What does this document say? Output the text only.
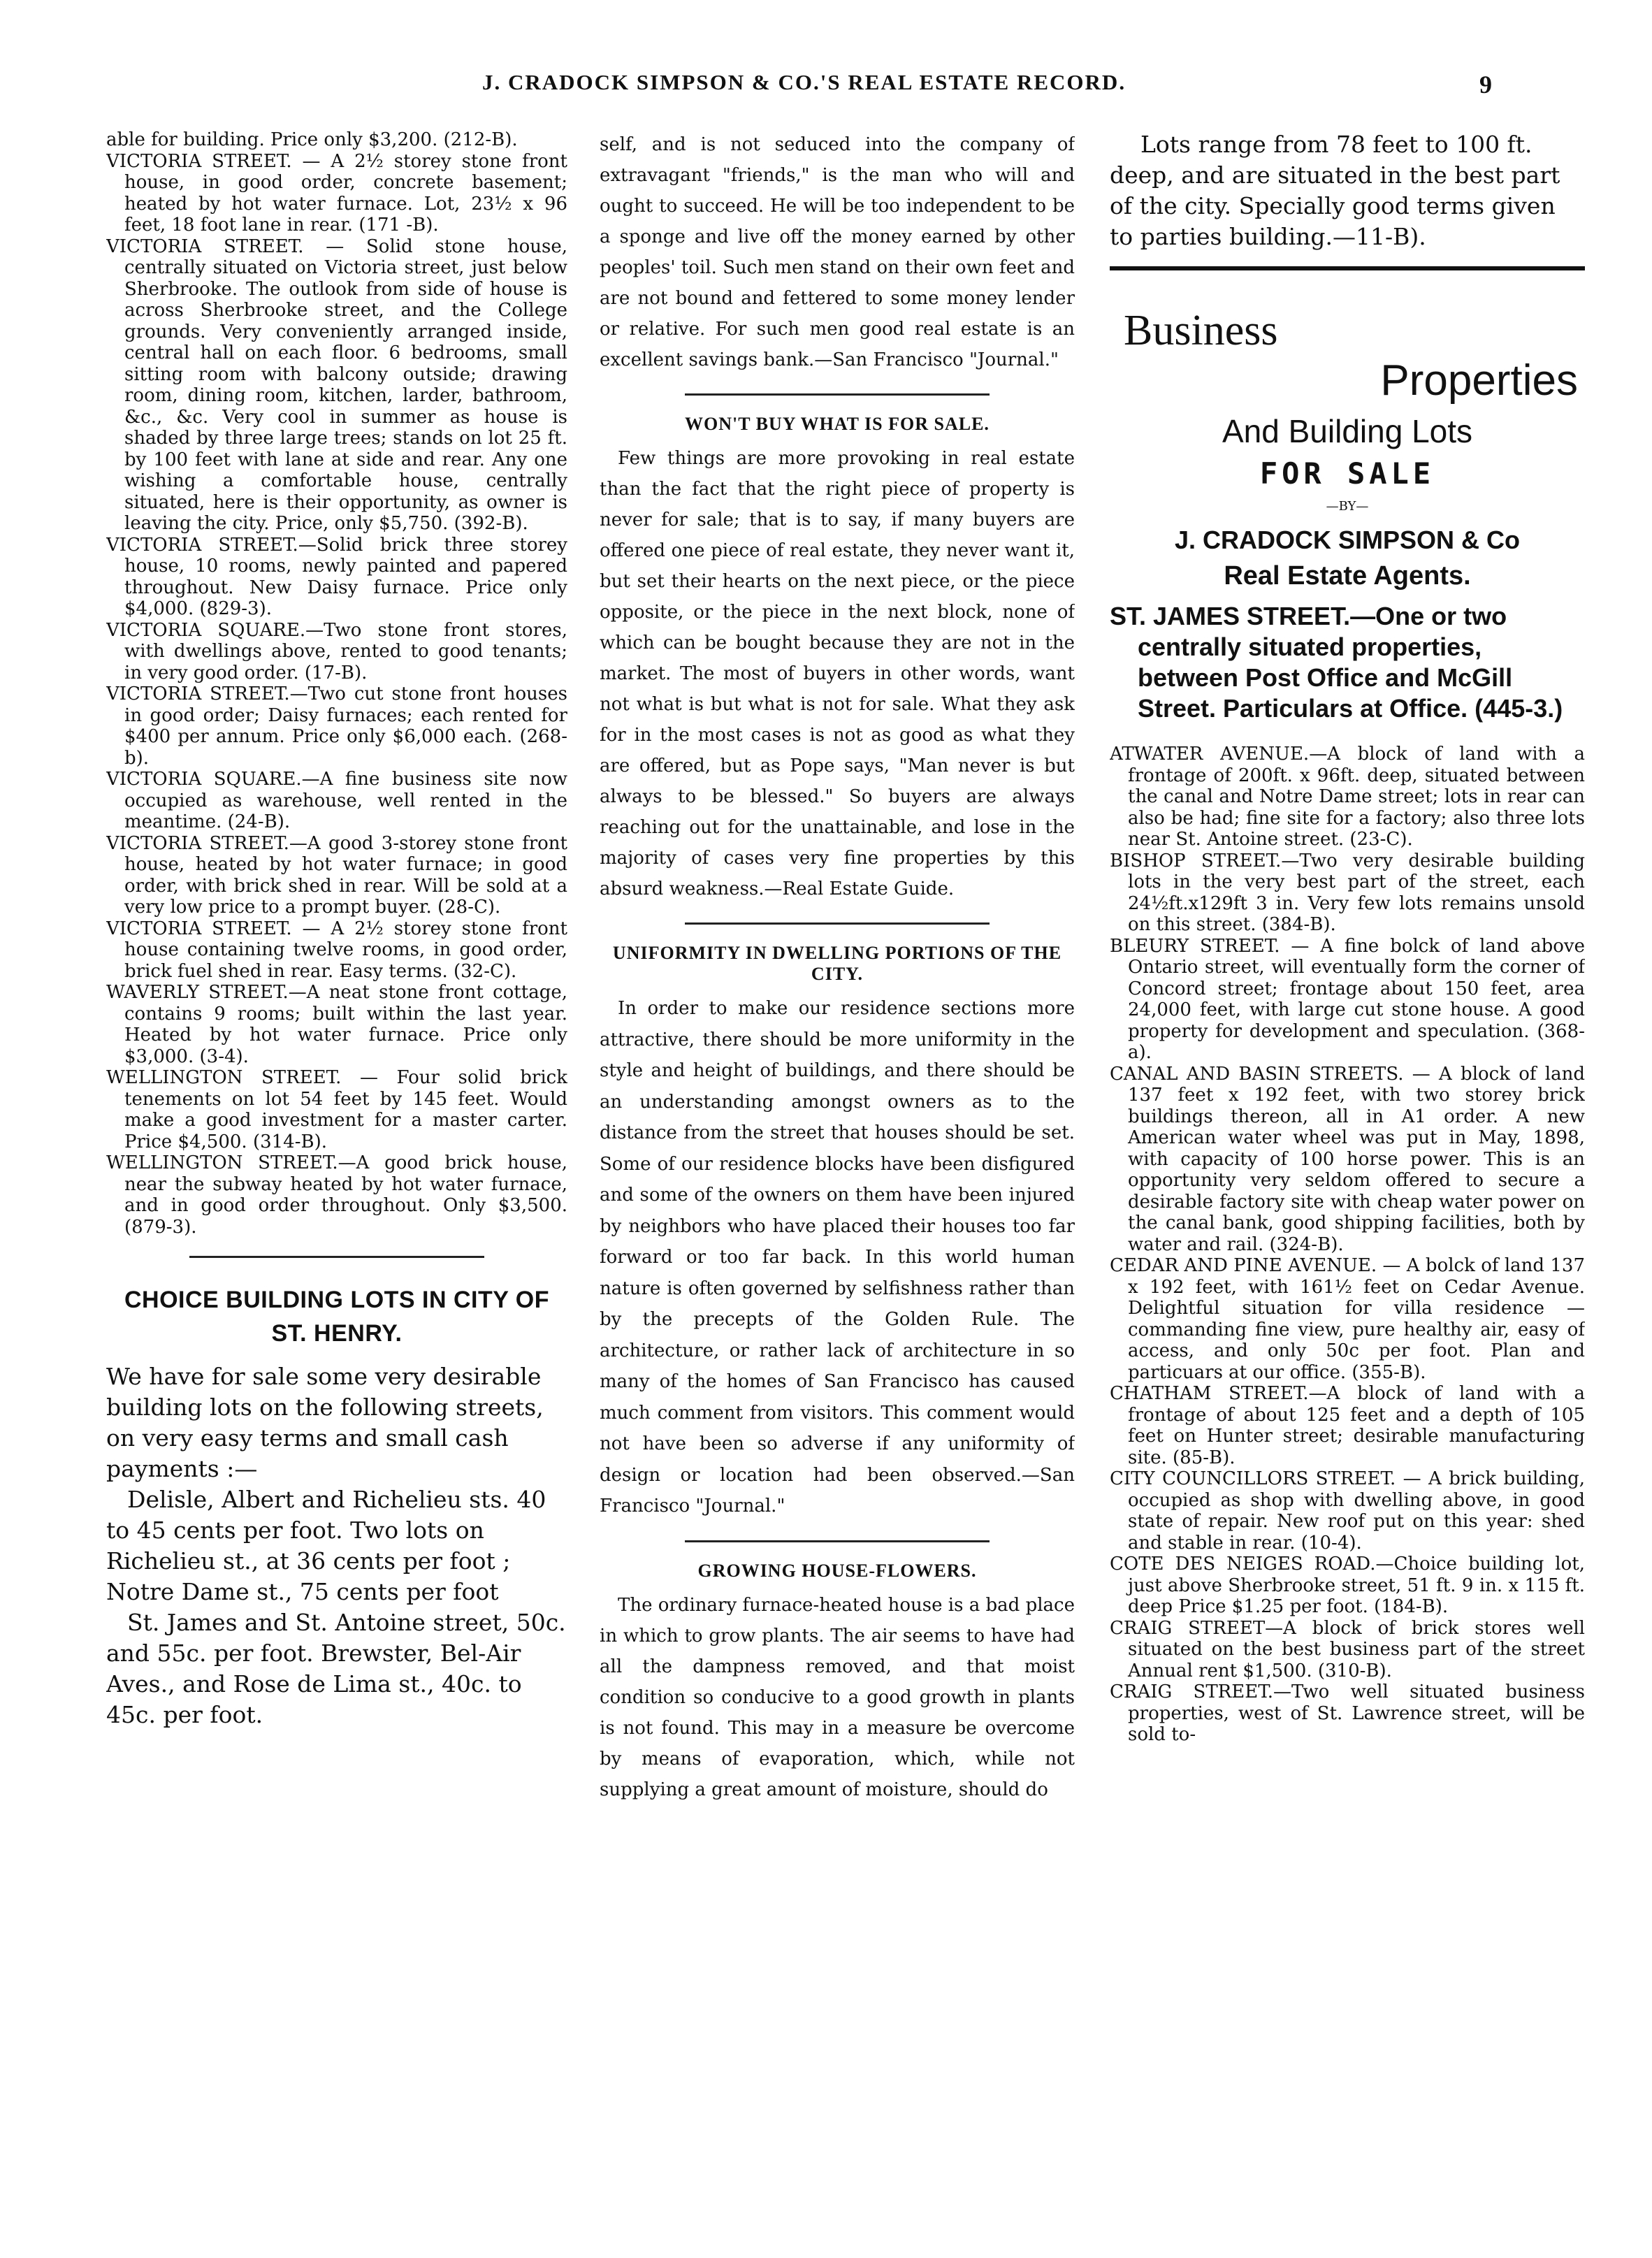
J. CRADOCK SIMPSON & CO.'S REAL ESTATE RECORD.	9

able for building. Price only $3,200. (212-B).

VICTORIA STREET. — A 2½ storey stone front house, in good order, concrete basement; heated by hot water furnace. Lot, 23½ x 96 feet, 18 foot lane in rear. (171 -B).

VICTORIA STREET. — Solid stone house, centrally situated on Victoria street, just below Sherbrooke. The outlook from side of house is across Sherbrooke street, and the College grounds. Very conveniently arranged inside, central hall on each floor. 6 bedrooms, small sitting room with balcony outside; drawing room, dining room, kitchen, larder, bathroom, &c., &c. Very cool in summer as house is shaded by three large trees; stands on lot 25 ft. by 100 feet with lane at side and rear. Any one wishing a comfortable house, centrally situated, here is their opportunity, as owner is leaving the city. Price, only $5,750. (392-B).

VICTORIA STREET.—Solid brick three storey house, 10 rooms, newly painted and papered throughout. New Daisy furnace. Price only $4,000. (829-3).

VICTORIA SQUARE.—Two stone front stores, with dwellings above, rented to good tenants; in very good order. (17-B).

VICTORIA STREET.—Two cut stone front houses in good order; Daisy furnaces; each rented for $400 per annum. Price only $6,000 each. (268-b).

VICTORIA SQUARE.—A fine business site now occupied as warehouse, well rented in the meantime. (24-B).

VICTORIA STREET.—A good 3-storey stone front house, heated by hot water furnace; in good order, with brick shed in rear. Will be sold at a very low price to a prompt buyer. (28-C).

VICTORIA STREET. — A 2½ storey stone front house containing twelve rooms, in good order, brick fuel shed in rear. Easy terms. (32-C).

WAVERLY STREET.—A neat stone front cottage, contains 9 rooms; built within the last year. Heated by hot water furnace. Price only $3,000. (3-4).

WELLINGTON STREET. — Four solid brick tenements on lot 54 feet by 145 feet. Would make a good investment for a master carter. Price $4,500. (314-B).

WELLINGTON STREET.—A good brick house, near the subway heated by hot water furnace, and in good order throughout. Only $3,500. (879-3).

CHOICE BUILDING LOTS IN CITY OF ST. HENRY.

We have for sale some very desirable building lots on the following streets, on very easy terms and small cash payments :—

Delisle, Albert and Richelieu sts. 40 to 45 cents per foot. Two lots on Richelieu st., at 36 cents per foot ; Notre Dame st., 75 cents per foot

St. James and St. Antoine street, 50c. and 55c. per foot. Brewster, Bel-Air Aves., and Rose de Lima st., 40c. to 45c. per foot.

self, and is not seduced into the company of extravagant "friends," is the man who will and ought to succeed. He will be too independent to be a sponge and live off the money earned by other peoples' toil. Such men stand on their own feet and are not bound and fettered to some money lender or relative. For such men good real estate is an excellent savings bank.—San Francisco "Journal."

WON'T BUY WHAT IS FOR SALE.

Few things are more provoking in real estate than the fact that the right piece of property is never for sale; that is to say, if many buyers are offered one piece of real estate, they never want it, but set their hearts on the next piece, or the piece opposite, or the piece in the next block, none of which can be bought because they are not in the market. The most of buyers in other words, want not what is but what is not for sale. What they ask for in the most cases is not as good as what they are offered, but as Pope says, "Man never is but always to be blessed." So buyers are always reaching out for the unattainable, and lose in the majority of cases very fine properties by this absurd weakness.—Real Estate Guide.

UNIFORMITY IN DWELLING PORTIONS OF THE CITY.

In order to make our residence sections more attractive, there should be more uniformity in the style and height of buildings, and there should be an understanding amongst owners as to the distance from the street that houses should be set. Some of our residence blocks have been disfigured and some of the owners on them have been injured by neighbors who have placed their houses too far forward or too far back. In this world human nature is often governed by selfishness rather than by the precepts of the Golden Rule. The architecture, or rather lack of architecture in so many of the homes of San Francisco has caused much comment from visitors. This comment would not have been so adverse if any uniformity of design or location had been observed.—San Francisco "Journal."

GROWING HOUSE-FLOWERS.

The ordinary furnace-heated house is a bad place in which to grow plants. The air seems to have had all the dampness removed, and that moist condition so conducive to a good growth in plants is not found. This may in a measure be overcome by means of evaporation, which, while not supplying a great amount of moisture, should do

Lots range from 78 feet to 100 ft. deep, and are situated in the best part of the city. Specially good terms given to parties building.—11-B).

Business

Properties

And Building Lots

FOR SALE

—BY—

J. CRADOCK SIMPSON & Co

Real Estate Agents.

ST. JAMES STREET.—One or two centrally situated properties, between Post Office and McGill Street. Particulars at Office. (445-3.)

ATWATER AVENUE.—A block of land with a frontage of 200ft. x 96ft. deep, situated between the canal and Notre Dame street; lots in rear can also be had; fine site for a factory; also three lots near St. Antoine street. (23-C).

BISHOP STREET.—Two very desirable building lots in the very best part of the street, each 24½ft.x129ft 3 in. Very few lots remains unsold on this street. (384-B).

BLEURY STREET. — A fine bolck of land above Ontario street, will eventually form the corner of Concord street; frontage about 150 feet, area 24,000 feet, with large cut stone house. A good property for development and speculation. (368-a).

CANAL AND BASIN STREETS. — A block of land 137 feet x 192 feet, with two storey brick buildings thereon, all in A1 order. A new American water wheel was put in May, 1898, with capacity of 100 horse power. This is an opportunity very seldom offered to secure a desirable factory site with cheap water power on the canal bank, good shipping facilities, both by water and rail. (324-B).

CEDAR AND PINE AVENUE. — A bolck of land 137 x 192 feet, with 161½ feet on Cedar Avenue. Delightful situation for villa residence —commanding fine view, pure healthy air, easy of access, and only 50c per foot. Plan and particuars at our office. (355-B).

CHATHAM STREET.—A block of land with a frontage of about 125 feet and a depth of 105 feet on Hunter street; desirable manufacturing site. (85-B).

CITY COUNCILLORS STREET. — A brick building, occupied as shop with dwelling above, in good state of repair. New roof put on this year: shed and stable in rear. (10-4).

COTE DES NEIGES ROAD.—Choice building lot, just above Sherbrooke street, 51 ft. 9 in. x 115 ft. deep Price $1.25 per foot. (184-B).

CRAIG STREET—A block of brick stores well situated on the best business part of the street Annual rent $1,500. (310-B).

CRAIG STREET.—Two well situated business properties, west of St. Lawrence street, will be sold to-
